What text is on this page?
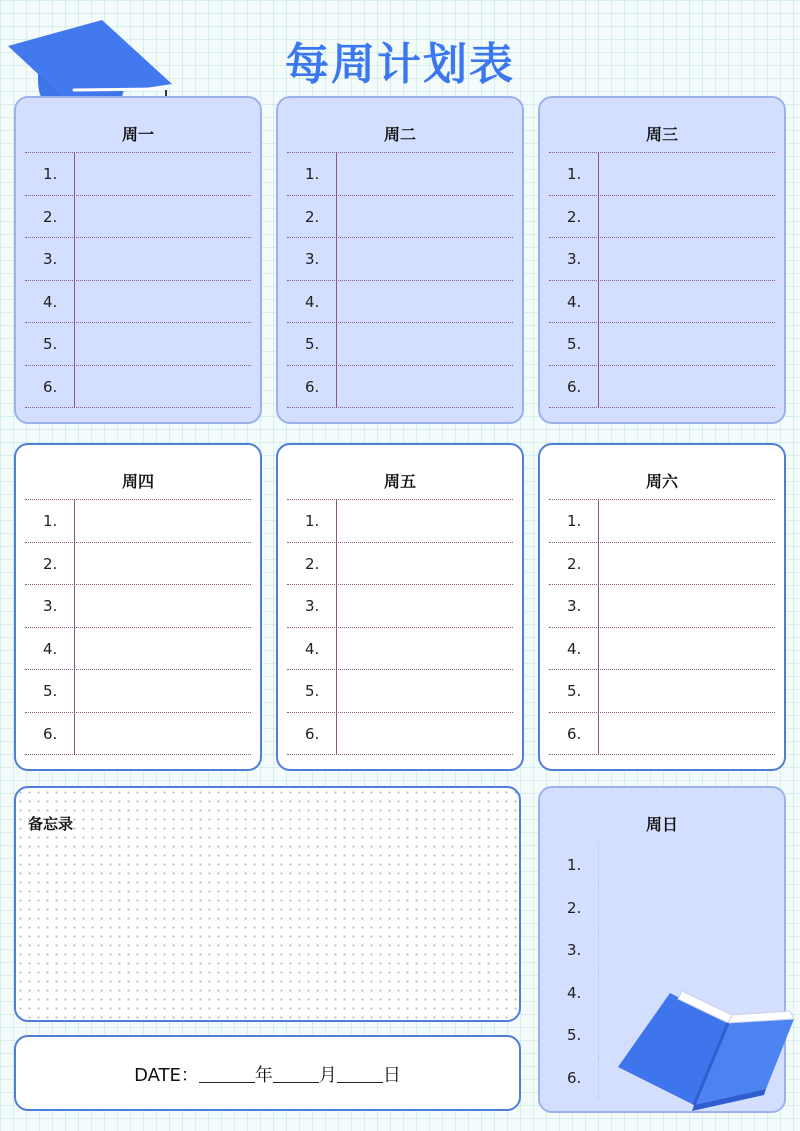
每周计划表
周一
1.
2.
3.
4.
5.
6.
周二
1.
2.
3.
4.
5.
6.
周三
1.
2.
3.
4.
5.
6.
周四
1.
2.
3.
4.
5.
6.
周五
1.
2.
3.
4.
5.
6.
周六
1.
2.
3.
4.
5.
6.
备忘录	周日
1.
2.
3.
4.
5.
6.
DATE：	年	月	日
